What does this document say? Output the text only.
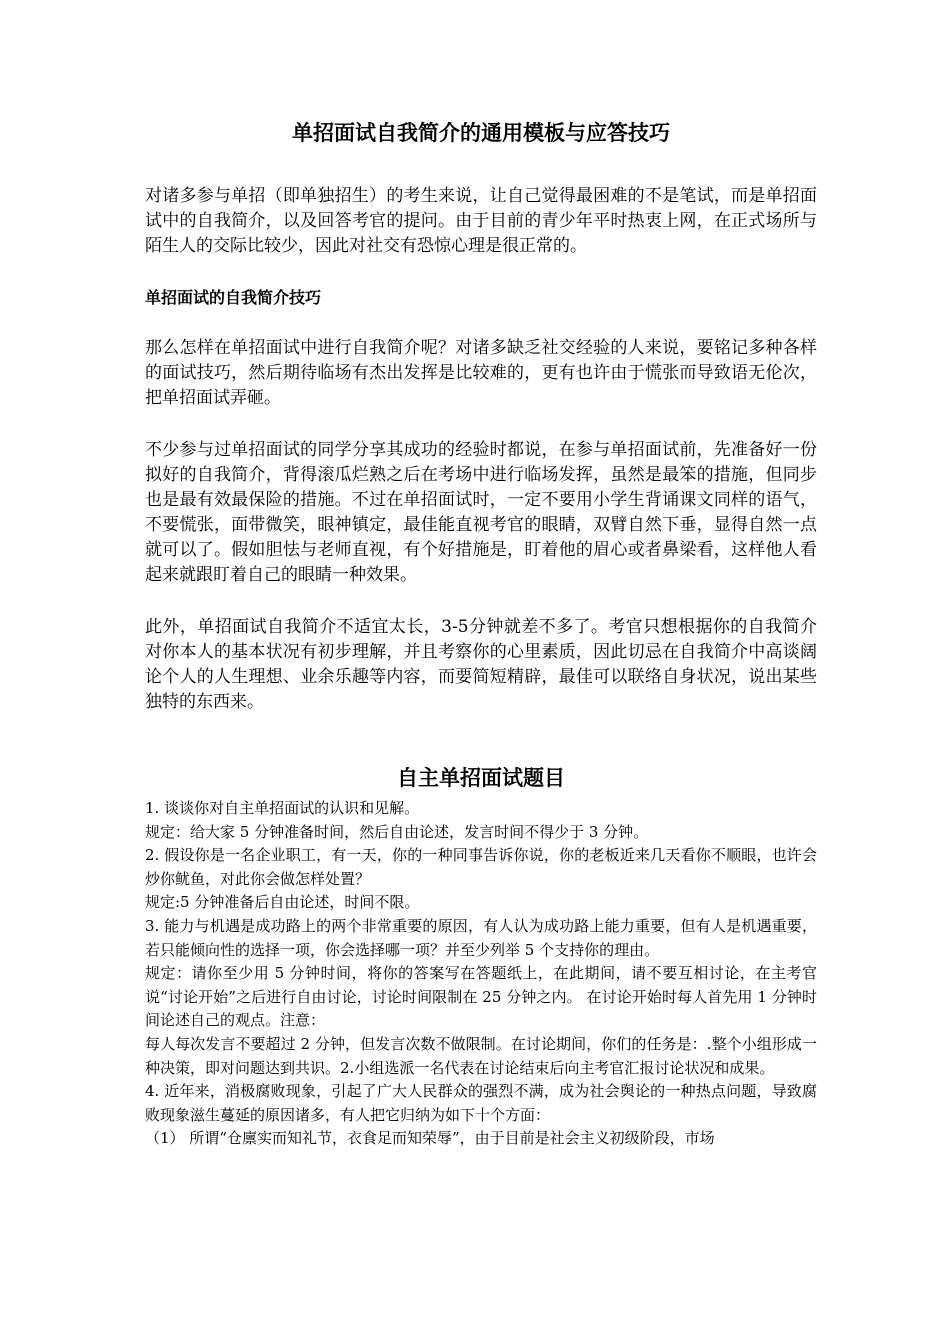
单招面试自我简介的通用模板与应答技巧

对诸多参与单招（即单独招生）的考生来说，让自己觉得最困难的不是笔试，而是单招面试中的自我简介，以及回答考官的提问。由于目前的青少年平时热衷上网，在正式场所与陌生人的交际比较少，因此对社交有恐惊心理是很正常的。

单招面试的自我简介技巧

那么怎样在单招面试中进行自我简介呢？对诸多缺乏社交经验的人来说，要铭记多种各样的面试技巧，然后期待临场有杰出发挥是比较难的，更有也许由于慌张而导致语无伦次，把单招面试弄砸。

不少参与过单招面试的同学分享其成功的经验时都说，在参与单招面试前，先准备好一份拟好的自我简介，背得滚瓜烂熟之后在考场中进行临场发挥，虽然是最笨的措施，但同步也是最有效最保险的措施。不过在单招面试时，一定不要用小学生背诵课文同样的语气，不要慌张，面带微笑，眼神镇定，最佳能直视考官的眼睛，双臂自然下垂，显得自然一点就可以了。假如胆怯与老师直视，有个好措施是，盯着他的眉心或者鼻梁看，这样他人看起来就跟盯着自己的眼睛一种效果。

此外，单招面试自我简介不适宜太长，3-5分钟就差不多了。考官只想根据你的自我简介对你本人的基本状况有初步理解，并且考察你的心里素质，因此切忌在自我简介中高谈阔论个人的人生理想、业余乐趣等内容，而要简短精辟，最佳可以联络自身状况，说出某些独特的东西来。

自主单招面试题目

1. 谈谈你对自主单招面试的认识和见解。

规定：给大家 5 分钟准备时间，然后自由论述，发言时间不得少于 3 分钟。

2. 假设你是一名企业职工，有一天，你的一种同事告诉你说，你的老板近来几天看你不顺眼，也许会炒你鱿鱼，对此你会做怎样处置？

规定:5 分钟准备后自由论述，时间不限。

3. 能力与机遇是成功路上的两个非常重要的原因，有人认为成功路上能力重要，但有人是机遇重要，若只能倾向性的选择一项，你会选择哪一项？并至少列举 5 个支持你的理由。

规定：请你至少用 5 分钟时间，将你的答案写在答题纸上，在此期间，请不要互相讨论，在主考官说“讨论开始”之后进行自由讨论，讨论时间限制在 25 分钟之内。 在讨论开始时每人首先用 1 分钟时间论述自己的观点。注意：

每人每次发言不要超过 2 分钟，但发言次数不做限制。在讨论期间，你们的任务是：.整个小组形成一种决策，即对问题达到共识。2.小组选派一名代表在讨论结束后向主考官汇报讨论状况和成果。

4. 近年来，消极腐败现象，引起了广大人民群众的强烈不满，成为社会舆论的一种热点问题，导致腐败现象滋生蔓延的原因诸多，有人把它归纳为如下十个方面：

（1） 所谓“仓廪实而知礼节，衣食足而知荣辱”，由于目前是社会主义初级阶段，市场
